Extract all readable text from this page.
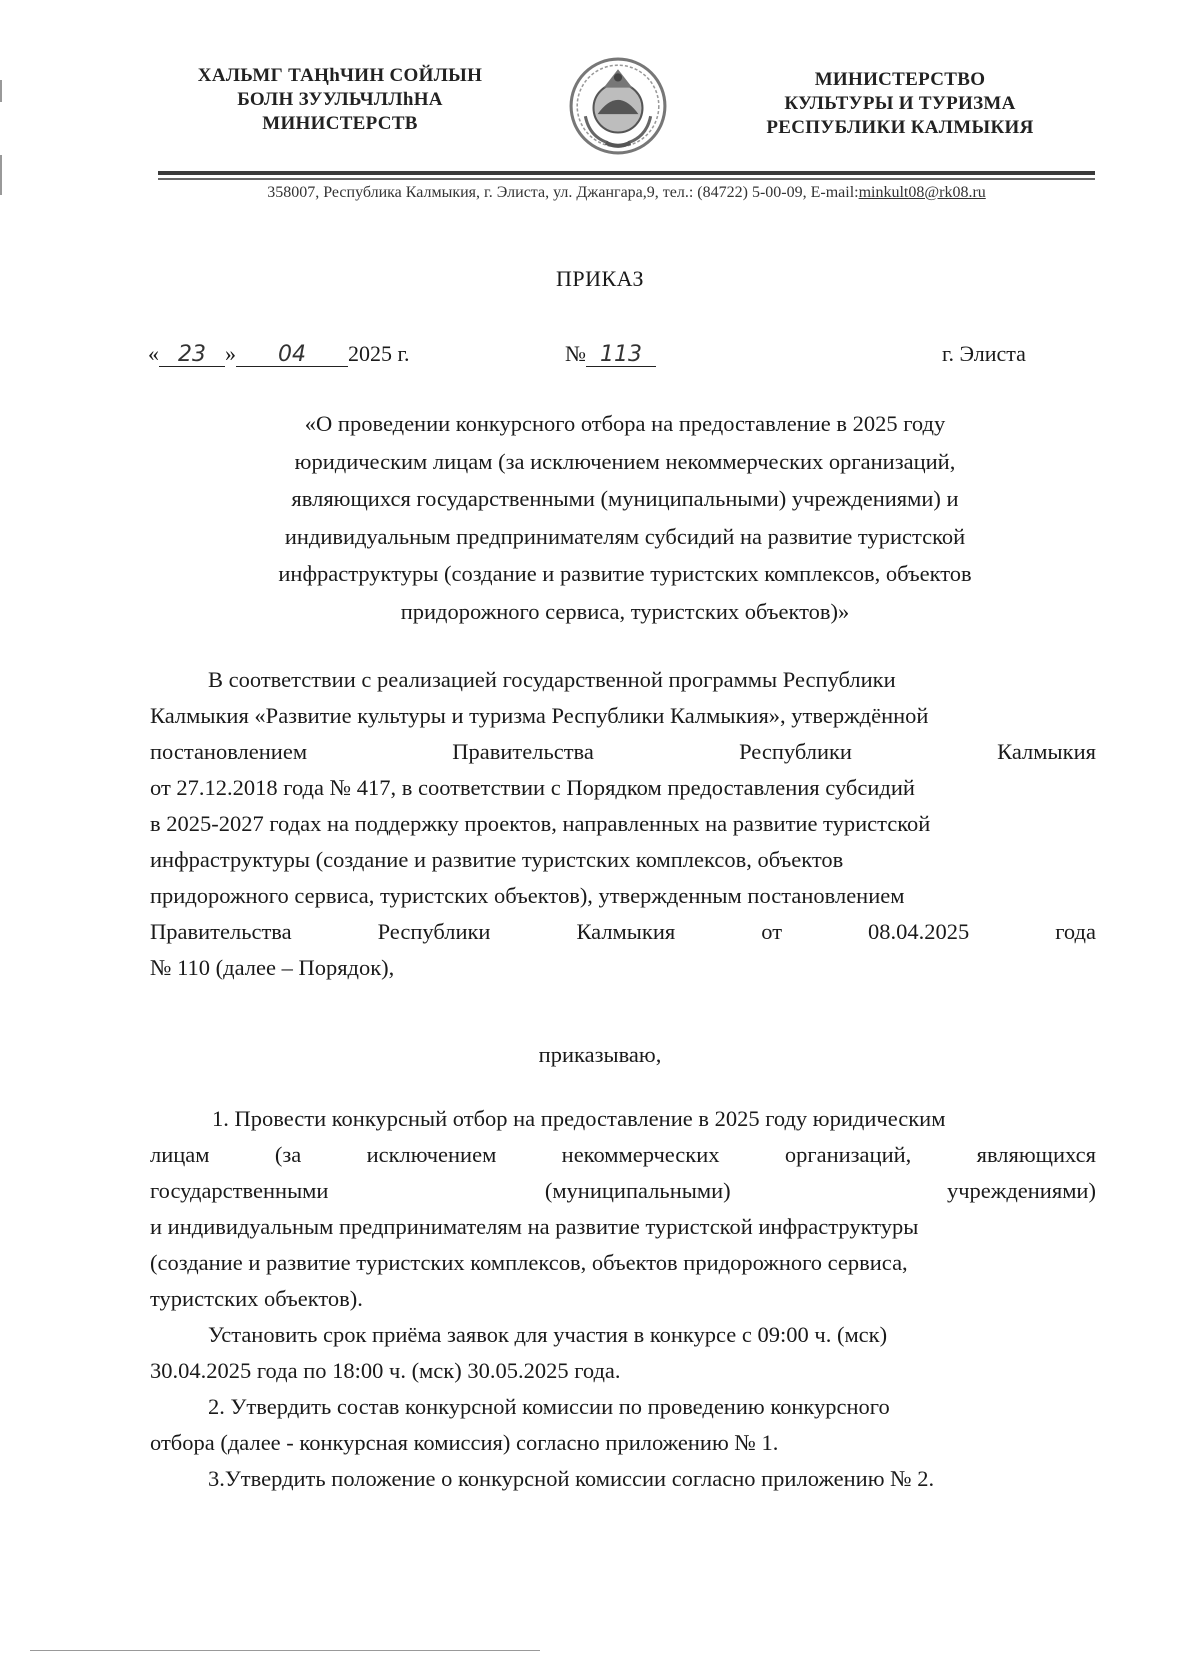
ХАЛЬМГ ТАҢһЧИН СОЙЛЫН
БОЛН ЗУУЛЬЧЛЛһНА
МИНИСТЕРСТВ
МИНИСТЕРСТВО
КУЛЬТУРЫ И ТУРИЗМА
РЕСПУБЛИКИ КАЛМЫКИЯ
358007, Республика Калмыкия, г. Элиста, ул. Джангара,9, тел.: (84722) 5-00-09, E-mail:minkult08@rk08.ru
ПРИКАЗ
« 23 » 04 2025 г.	№ 113	г. Элиста
«О проведении конкурсного отбора на предоставление в 2025 году
юридическим лицам (за исключением некоммерческих организаций,
являющихся государственными (муниципальными) учреждениями) и
индивидуальным предпринимателям субсидий на развитие туристской
инфраструктуры (создание и развитие туристских комплексов, объектов
придорожного сервиса, туристских объектов)»
В соответствии с реализацией государственной программы Республики
Калмыкия «Развитие культуры и туризма Республики Калмыкия», утверждённой
постановлением	Правительства	Республики	Калмыкия
от 27.12.2018 года № 417, в соответствии с Порядком предоставления субсидий
в 2025-2027 годах на поддержку проектов, направленных на развитие туристской
инфраструктуры (создание и развитие туристских комплексов, объектов
придорожного сервиса, туристских объектов), утвержденным постановлением
Правительства	Республики	Калмыкия	от	08.04.2025	года
№ 110 (далее – Порядок),
приказываю,
1. Провести конкурсный отбор на предоставление в 2025 году юридическим
лицам	(за	исключением	некоммерческих	организаций,	являющихся
государственными	(муниципальными)	учреждениями)
и индивидуальным предпринимателям на развитие туристской инфраструктуры
(создание и развитие туристских комплексов, объектов придорожного сервиса,
туристских объектов).
Установить срок приёма заявок для участия в конкурсе с 09:00 ч. (мск)
30.04.2025 года по 18:00 ч. (мск) 30.05.2025 года.
2. Утвердить состав конкурсной комиссии по проведению конкурсного
отбора (далее - конкурсная комиссия) согласно приложению № 1.
3.Утвердить положение о конкурсной комиссии согласно приложению № 2.
